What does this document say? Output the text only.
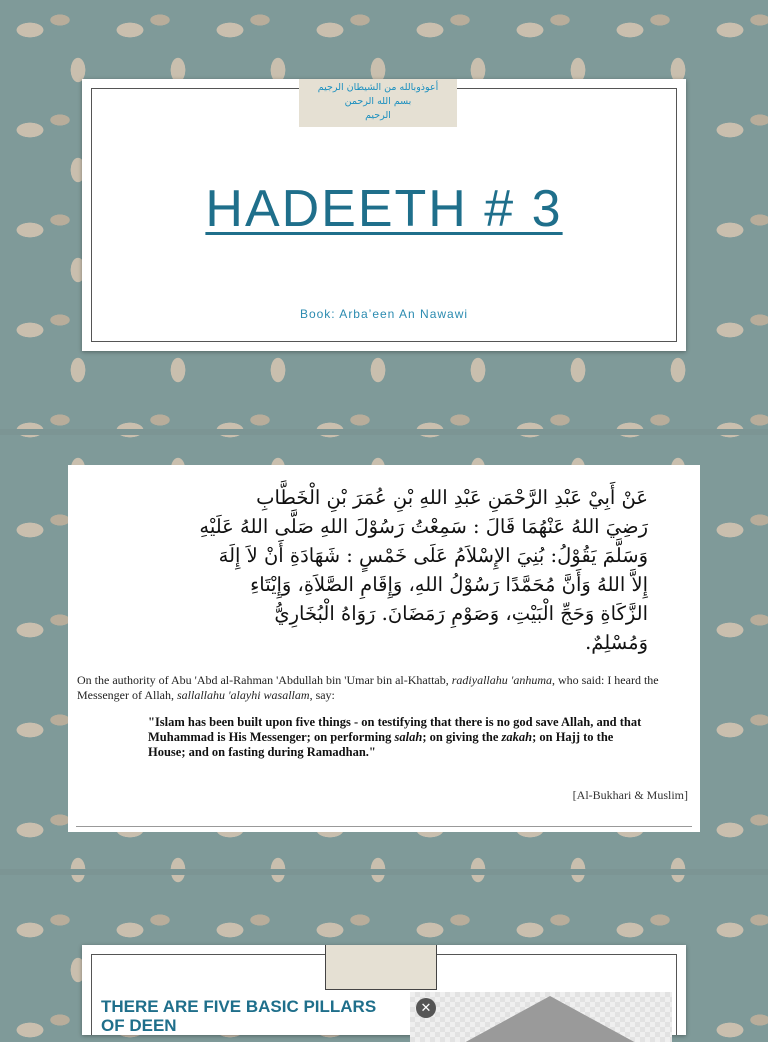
أعوذوبالله من الشيطان الرجيم
بسم الله الرحمن
الرحيم
HADEETH # 3
Book: Arba’een An Nawawi
عَنْ أَبِيْ عَبْدِ الرَّحْمَنِ عَبْدِ اللهِ بْنِ عُمَرَ بْنِ الْخَطَّابِ
رَضِيَ اللهُ عَنْهُمَا قَالَ : سَمِعْتُ رَسُوْلَ اللهِ صَلَّى اللهُ عَلَيْهِ
وَسَلَّمَ يَقُوْلُ: بُنِيَ الإِسْلاَمُ عَلَى خَمْسٍ : شَهَادَةِ أَنْ لاَ إِلَهَ
إِلاَّ اللهُ وَأَنَّ مُحَمَّدًا رَسُوْلُ اللهِ، وَإِقَامِ الصَّلاَةِ، وَإِيْتَاءِ
الزَّكَاةِ وَحَجِّ الْبَيْتِ، وَصَوْمِ رَمَضَانَ. رَوَاهُ الْبُخَارِيُّ
وَمُسْلِمٌ.
On the authority of Abu 'Abd al-Rahman 'Abdullah bin 'Umar bin al-Khattab, radiyallahu 'anhuma, who said: I heard the Messenger of Allah, sallallahu 'alayhi wasallam, say:
"Islam has been built upon five things - on testifying that there is no god save Allah, and that Muhammad is His Messenger; on performing salah; on giving the zakah; on Hajj to the House; and on fasting during Ramadhan."
[Al-Bukhari & Muslim]
THERE ARE FIVE BASIC PILLARS OF DEEN
✕
